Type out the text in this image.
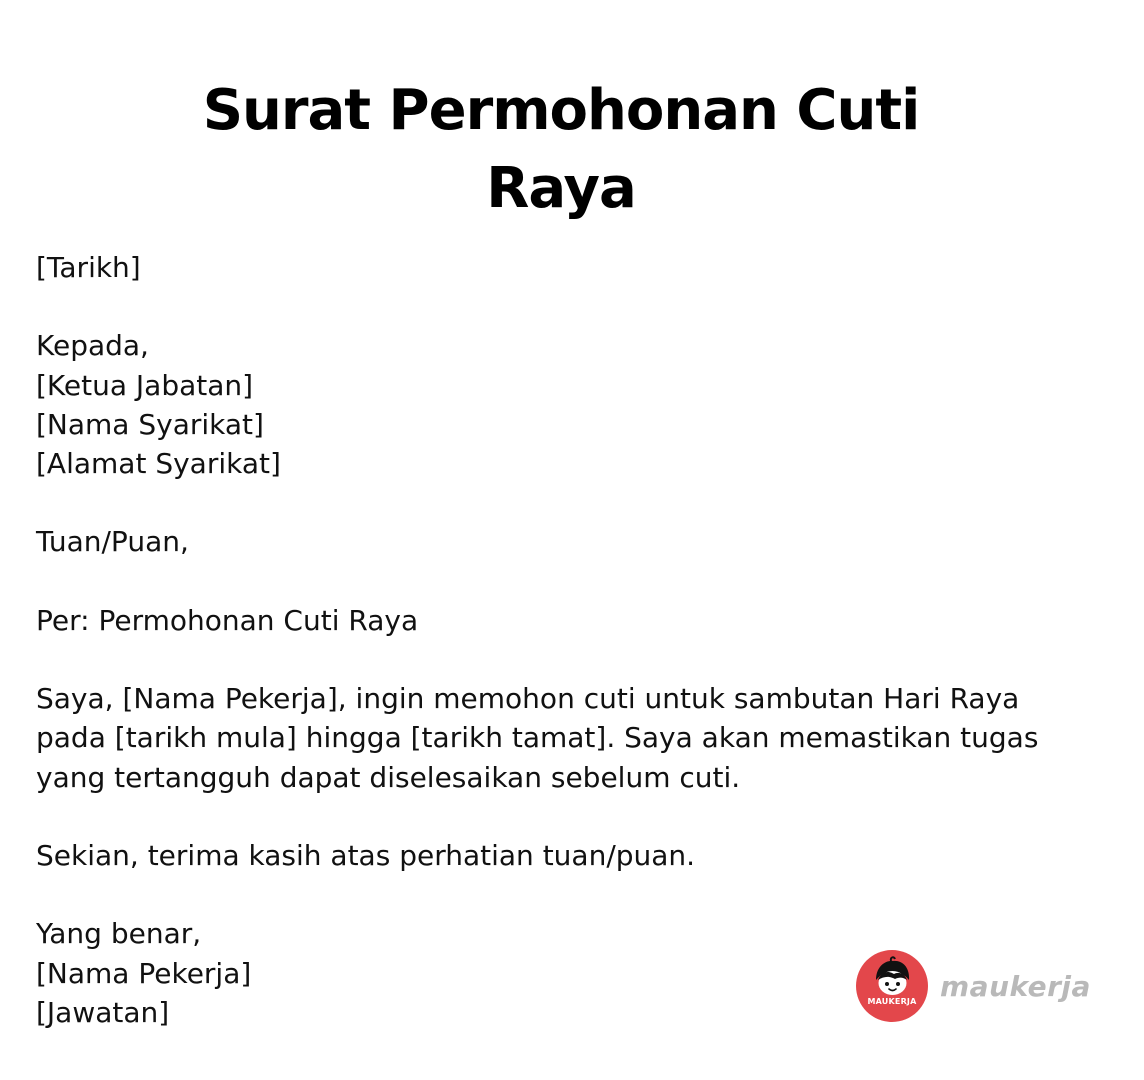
Surat Permohonan Cuti
Raya

[Tarikh]

Kepada,

[Ketua Jabatan]

[Nama Syarikat]

[Alamat Syarikat]

Tuan/Puan,

Per: Permohonan Cuti Raya

Saya, [Nama Pekerja], ingin memohon cuti untuk sambutan Hari Raya

pada [tarikh mula] hingga [tarikh tamat]. Saya akan memastikan tugas

yang tertangguh dapat diselesaikan sebelum cuti.

Sekian, terima kasih atas perhatian tuan/puan.

Yang benar,

[Nama Pekerja]

[Jawatan]	MAUKERJA maukerja
